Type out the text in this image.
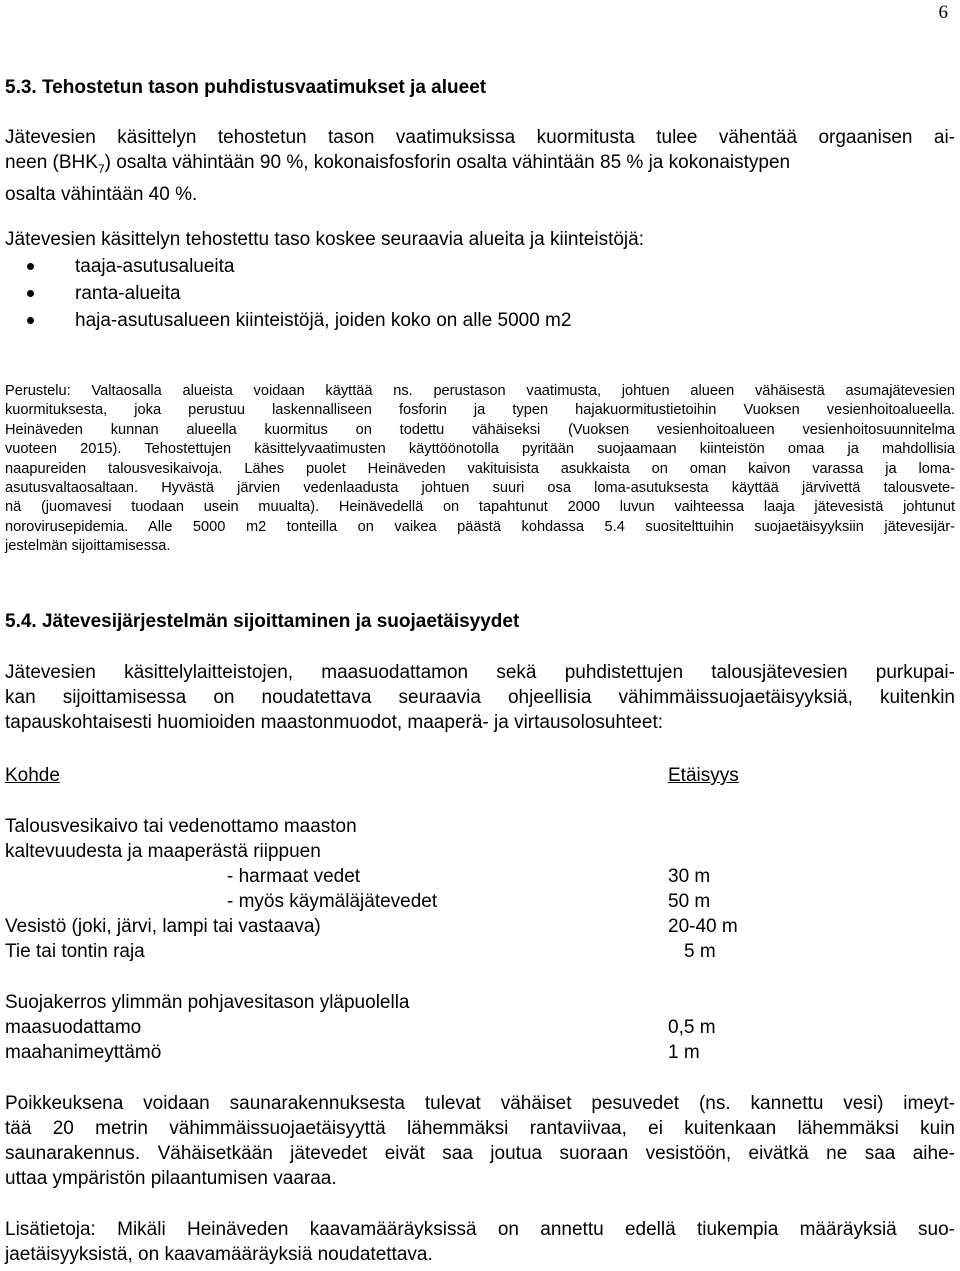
6
5.3. Tehostetun tason puhdistusvaatimukset ja alueet

Jätevesien käsittelyn tehostetun tason vaatimuksissa kuormitusta tulee vähentää orgaanisen ai-

neen $(BHK_7)$ osalta vähintään 90 %, kokonaisfosforin osalta vähintään 85 % ja kokonaistypen

osalta vähintään 40 %.

Jätevesien käsittelyn tehostettu taso koskee seuraavia alueita ja kiinteistöjä:

taaja-asutusalueita
ranta-alueita
haja-asutusalueen kiinteistöjä, joiden koko on alle 5000 m2

Perustelu: Valtaosalla alueista voidaan käyttää ns. perustason vaatimusta, johtuen alueen vähäisestä asumajätevesien

kuormituksesta, joka perustuu laskennalliseen fosforin ja typen hajakuormitustietoihin Vuoksen vesienhoitoalueella.

Heinäveden kunnan alueella kuormitus on todettu vähäiseksi (Vuoksen vesienhoitoalueen vesienhoitosuunnitelma

vuoteen 2015). Tehostettujen käsittelyvaatimusten käyttöönotolla pyritään suojaamaan kiinteistön omaa ja mahdollisia

naapureiden talousvesikaivoja. Lähes puolet Heinäveden vakituisista asukkaista on oman kaivon varassa ja loma-

asutusvaltaosaltaan. Hyvästä järvien vedenlaadusta johtuen suuri osa loma-asutuksesta käyttää järvivettä talousvete-

nä (juomavesi tuodaan usein muualta). Heinävedellä on tapahtunut 2000 luvun vaihteessa laaja jätevesistä johtunut

norovirusepidemia. Alle 5000 m2 tonteilla on vaikea päästä kohdassa 5.4 suositelttuihin suojaetäisyyksiin jätevesijär-

jestelmän sijoittamisessa.

5.4. Jätevesijärjestelmän sijoittaminen ja suojaetäisyydet

Jätevesien käsittelylaitteistojen, maasuodattamon sekä puhdistettujen talousjätevesien purkupai-

kan sijoittamisessa on noudatettava seuraavia ohjeellisia vähimmäissuojaetäisyyksiä, kuitenkin

tapauskohtaisesti huomioiden maastonmuodot, maaperä- ja virtausolosuhteet:

Kohde	Etäisyys
Talousvesikaivo tai vedenottamo maaston
kaltevuudesta ja maaperästä riippuen
- harmaat vedet	30 m
- myös käymäläjätevedet	50 m
Vesistö (joki, järvi, lampi tai vastaava)	20-40 m
Tie tai tontin raja	5 m
Suojakerros ylimmän pohjavesitason yläpuolella
maasuodattamo	0,5 m
maahanimeyttämö	1 m

Poikkeuksena voidaan saunarakennuksesta tulevat vähäiset pesuvedet (ns. kannettu vesi) imeyt-

tää 20 metrin vähimmäissuojaetäisyyttä lähemmäksi rantaviivaa, ei kuitenkaan lähemmäksi kuin

saunarakennus. Vähäisetkään jätevedet eivät saa joutua suoraan vesistöön, eivätkä ne saa aihe-

uttaa ympäristön pilaantumisen vaaraa.

Lisätietoja: Mikäli Heinäveden kaavamääräyksissä on annettu edellä tiukempia määräyksiä suo-

jaetäisyyksistä, on kaavamääräyksiä noudatettava.
